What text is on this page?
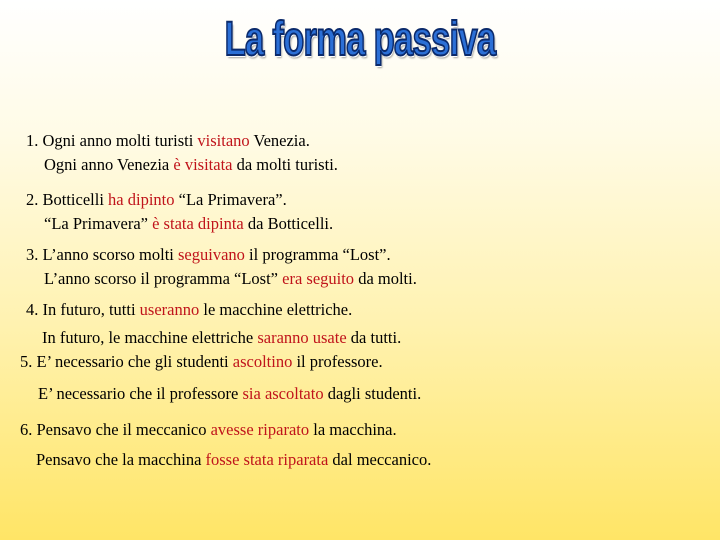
La forma passiva

1. Ogni anno molti turisti visitano Venezia.

Ogni anno Venezia è visitata da molti turisti.

2. Botticelli ha dipinto “La Primavera”.

“La Primavera” è stata dipinta da Botticelli.

3. L’anno scorso molti seguivano il programma “Lost”.

L’anno scorso il programma “Lost” era seguito da molti.

4. In futuro, tutti useranno le macchine elettriche.

In futuro, le macchine elettriche saranno usate da tutti.

5. E’ necessario che gli studenti ascoltino il professore.

E’ necessario che il professore sia ascoltato dagli studenti.

6. Pensavo che il meccanico avesse riparato la macchina.

Pensavo che la macchina fosse stata riparata dal meccanico.
